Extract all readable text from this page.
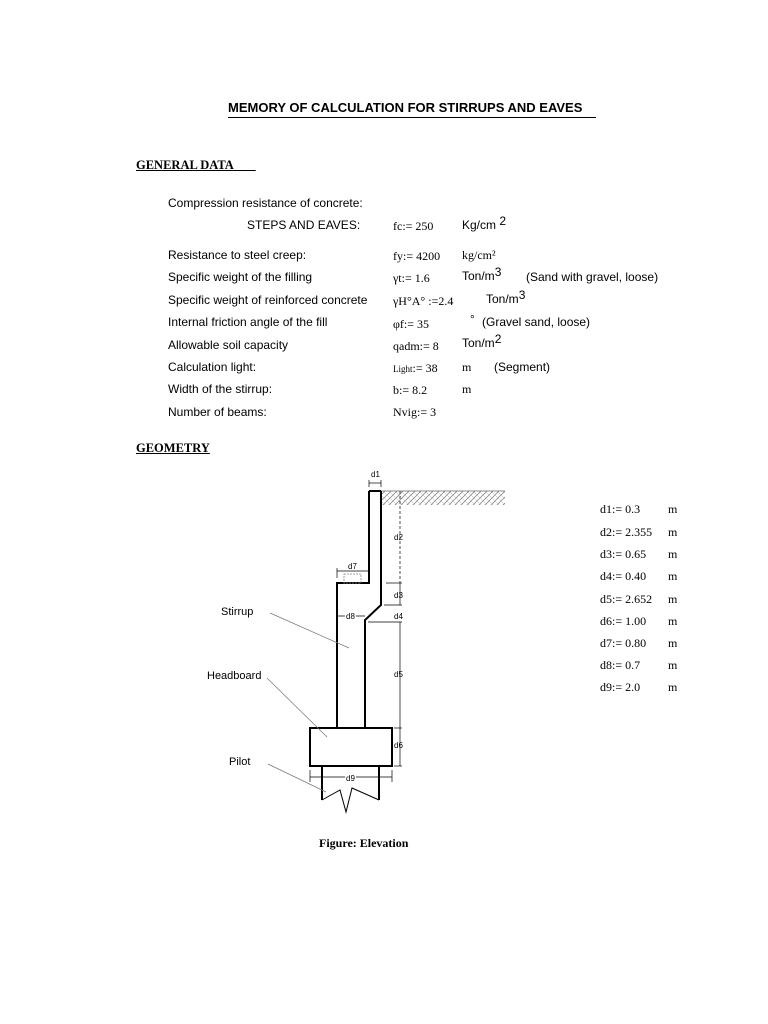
MEMORY OF CALCULATION FOR STIRRUPS AND EAVES
GENERAL DATA
Compression resistance of concrete:
STEPS AND EAVES:	fc:= 250 Kg/cm 2
Resistance to steel creep:	fy:= 4200 kg/cm²
Specific weight of the filling	γt:= 1.6	Ton/m3 (Sand with gravel, loose)
Specific weight of reinforced concrete γH°A° :=2.4	Ton/m3
Internal friction angle of the fill	φf:= 35	° (Gravel sand, loose)
Allowable soil capacity	qadm:= 8 Ton/m2
Calculation light:	Light:= 38 m (Segment)
Width of the stirrup:	b:= 8.2	m
Number of beams:	Nvig:= 3
GEOMETRY
Stirrup
Headboard
Pilot
d1
d2
d3
d4
d5
d6
d7
d8
d9
d1:= 0.3 m
d2:= 2.355 m
d3:= 0.65 m
d4:= 0.40 m
d5:= 2.652 m
d6:= 1.00 m
d7:= 0.80 m
d8:= 0.7 m
d9:= 2.0 m
Figure: Elevation
